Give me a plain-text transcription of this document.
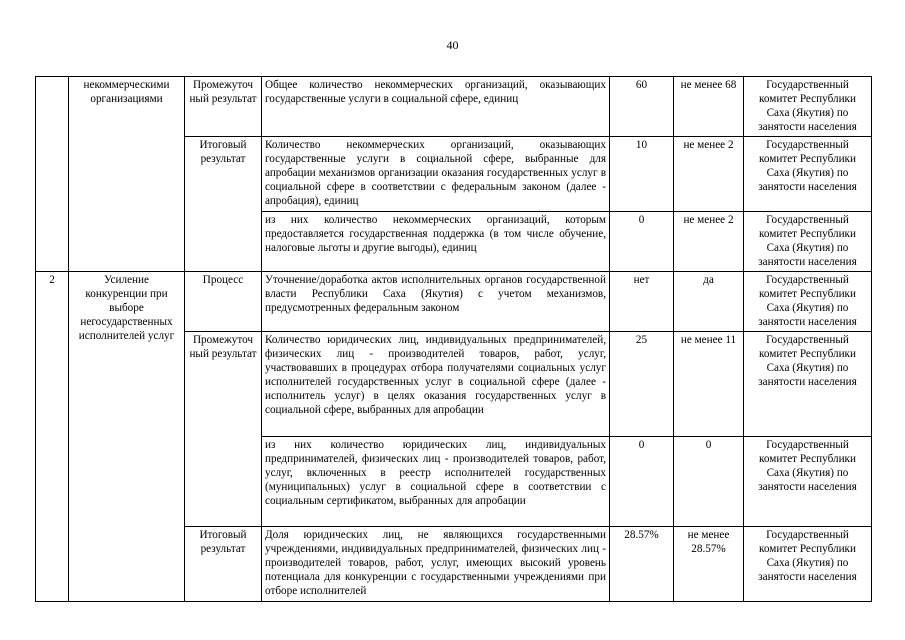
40
	некоммерческими организациями	Промежуточ ный результат	Общее количество некоммерческих организаций, оказывающих государственные услуги в социальной сфере, единиц	60	не менее 68	Государственный комитет Республики Саха (Якутия) по занятости населения
		Итоговый результат	Количество некоммерческих организаций, оказывающих государственные услуги в социальной сфере, выбранные для апробации механизмов организации оказания государственных услуг в социальной сфере в соответствии с федеральным законом (далее - апробация), единиц	10	не менее 2	Государственный комитет Республики Саха (Якутия) по занятости населения
			из них количество некоммерческих организаций, которым предоставляется государственная поддержка (в том числе обучение, налоговые льготы и другие выгоды), единиц	0	не менее 2	Государственный комитет Республики Саха (Якутия) по занятости населения
2	Усиление конкуренции при выборе негосударственных исполнителей услуг	Процесс	Уточнение/доработка актов исполнительных органов государственной власти Республики Саха (Якутия) с учетом механизмов, предусмотренных федеральным законом	нет	да	Государственный комитет Республики Саха (Якутия) по занятости населения
		Промежуточ ный результат	Количество юридических лиц, индивидуальных предпринимателей, физических лиц - производителей товаров, работ, услуг, участвовавших в процедурах отбора получателями социальных услуг исполнителей государственных услуг в социальной сфере (далее - исполнитель услуг) в целях оказания государственных услуг в социальной сфере, выбранных для апробации	25	не менее 11	Государственный комитет Республики Саха (Якутия) по занятости населения
			из них количество юридических лиц, индивидуальных предпринимателей, физических лиц - производителей товаров, работ, услуг, включенных в реестр исполнителей государственных (муниципальных) услуг в социальной сфере в соответствии с социальным сертификатом, выбранных для апробации	0	0	Государственный комитет Республики Саха (Якутия) по занятости населения
		Итоговый результат	Доля юридических лиц, не являющихся государственными учреждениями, индивидуальных предпринимателей, физических лиц - производителей товаров, работ, услуг, имеющих высокий уровень потенциала для конкуренции с государственными учреждениями при отборе исполнителей	28.57%	не менее 28.57%	Государственный комитет Республики Саха (Якутия) по занятости населения
